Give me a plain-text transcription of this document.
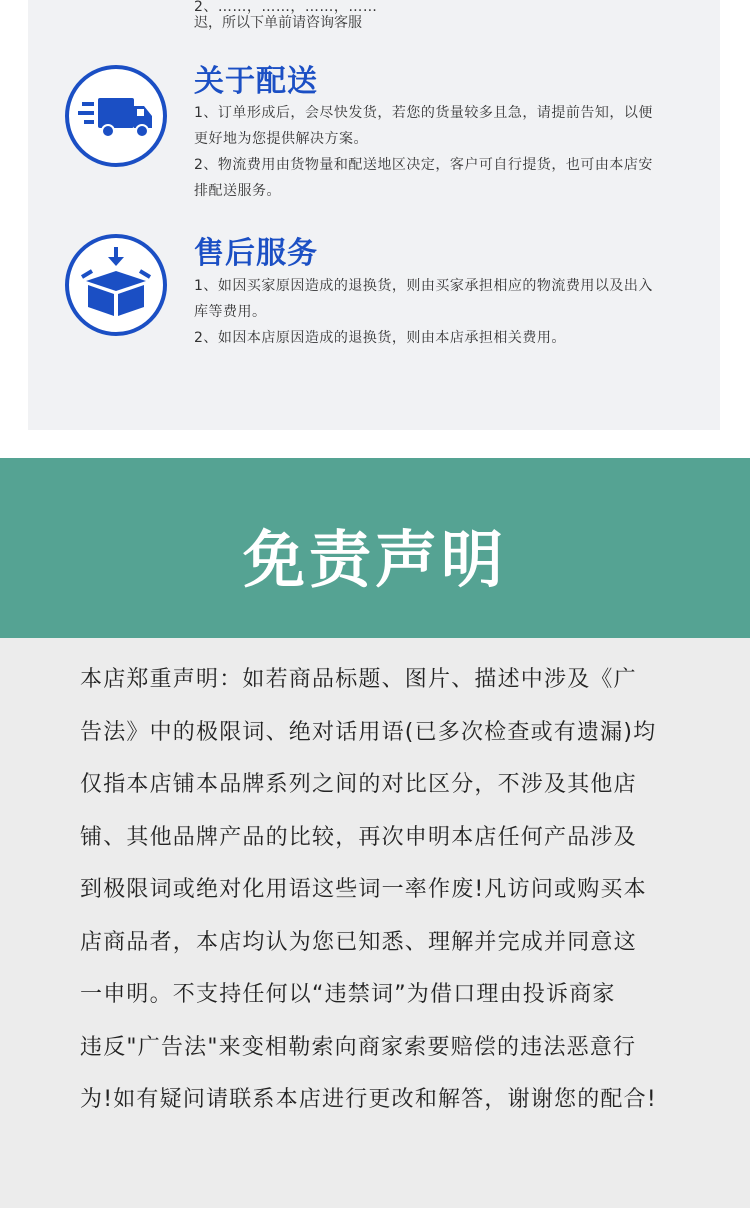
2、……，……，……，……
迟，所以下单前请咨询客服
关于配送
1、订单形成后，会尽快发货，若您的货量较多且急，请提前告知，以便
更好地为您提供解决方案。
2、物流费用由货物量和配送地区决定，客户可自行提货，也可由本店安
排配送服务。
售后服务
1、如因买家原因造成的退换货，则由买家承担相应的物流费用以及出入
库等费用。
2、如因本店原因造成的退换货，则由本店承担相关费用。
免责声明
本店郑重声明：如若商品标题、图片、描述中涉及《广
告法》中的极限词、绝对话用语(已多次检查或有遗漏)均
仅指本店铺本品牌系列之间的对比区分，不涉及其他店
铺、其他品牌产品的比较，再次申明本店任何产品涉及
到极限词或绝对化用语这些词一率作废!凡访问或购买本
店商品者，本店均认为您已知悉、理解并完成并同意这
一申明。不支持任何以“违禁词”为借口理由投诉商家
违反"广告法"来变相勒索向商家索要赔偿的违法恶意行
为!如有疑问请联系本店进行更改和解答，谢谢您的配合!
